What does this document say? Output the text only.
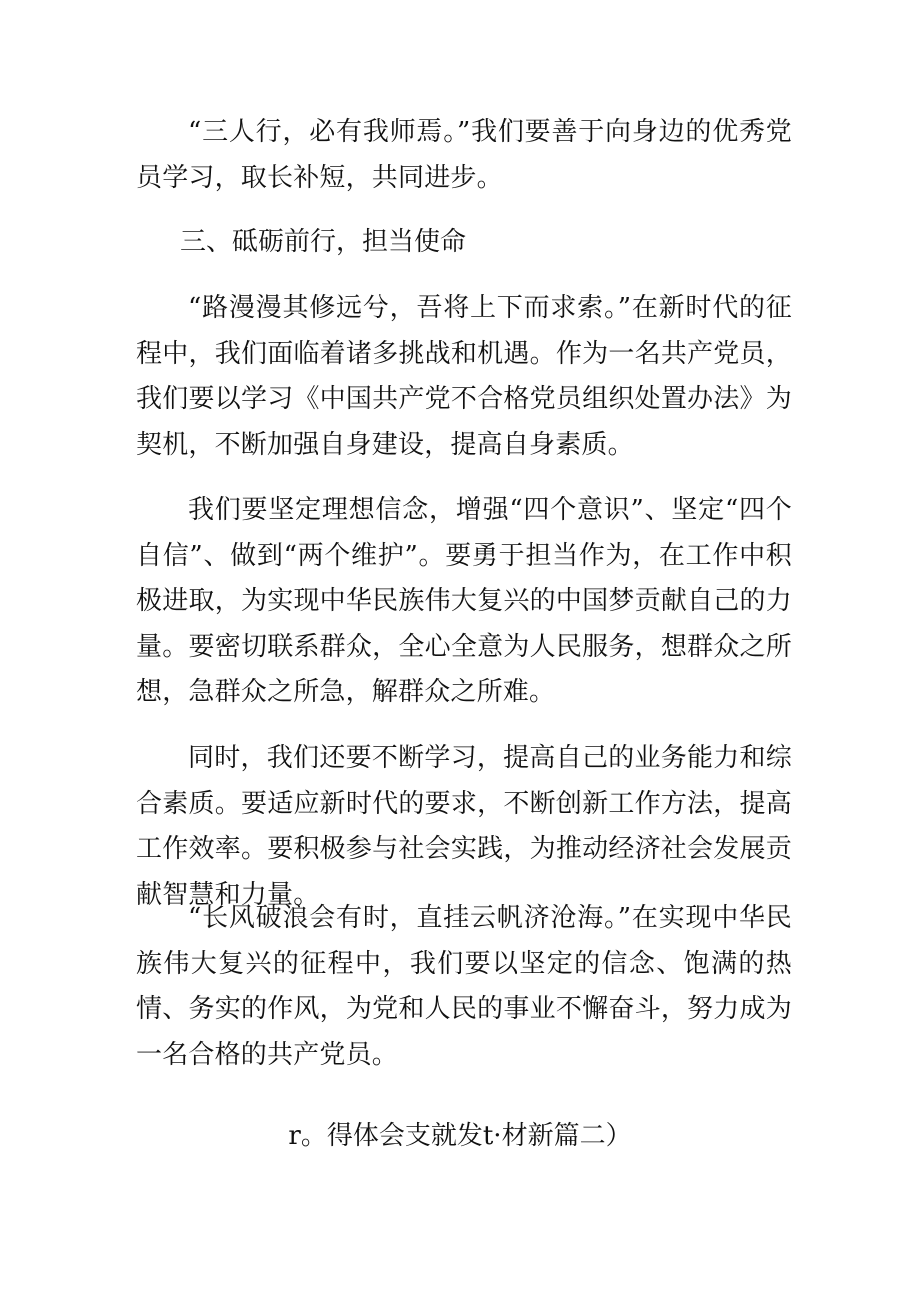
“三人行，必有我师焉。”我们要善于向身边的优秀党员学习，取长补短，共同进步。

三、砥砺前行，担当使命

“路漫漫其修远兮，吾将上下而求索。”在新时代的征程中，我们面临着诸多挑战和机遇。作为一名共产党员，我们要以学习《中国共产党不合格党员组织处置办法》为契机，不断加强自身建设，提高自身素质。

我们要坚定理想信念，增强“四个意识”、坚定“四个自信”、做到“两个维护”。要勇于担当作为，在工作中积极进取，为实现中华民族伟大复兴的中国梦贡献自己的力量。要密切联系群众，全心全意为人民服务，想群众之所想，急群众之所急，解群众之所难。

同时，我们还要不断学习，提高自己的业务能力和综合素质。要适应新时代的要求，不断创新工作方法，提高工作效率。要积极参与社会实践，为推动经济社会发展贡献智慧和力量。

“长风破浪会有时，直挂云帆济沧海。”在实现中华民族伟大复兴的征程中，我们要以坚定的信念、饱满的热情、务实的作风，为党和人民的事业不懈奋斗，努力成为一名合格的共产党员。

r。得体会支就发t·材新篇二）
